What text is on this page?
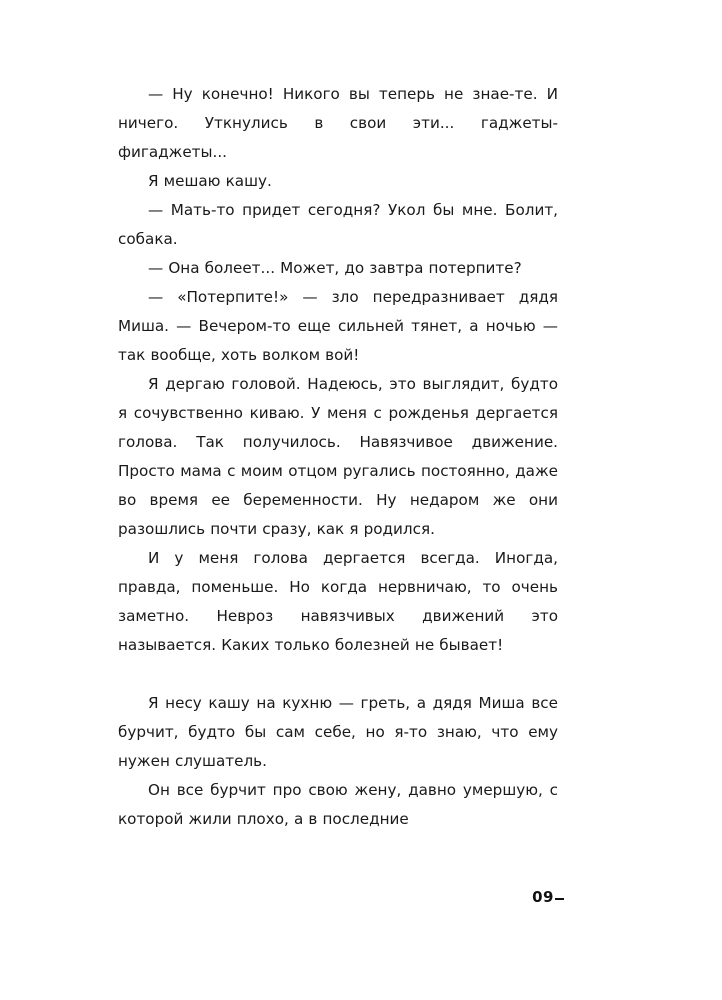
— Ну конечно! Никого вы теперь не знае-те. И ничего. Уткнулись в свои эти... гаджеты-фигаджеты...

Я мешаю кашу.

— Мать-то придет сегодня? Укол бы мне. Болит, собака.

— Она болеет... Может, до завтра потерпите?

— «Потерпите!» — зло передразнивает дядя Миша. — Вечером-то еще сильней тянет, а ночью — так вообще, хоть волком вой!

Я дергаю головой. Надеюсь, это выглядит, будто я сочувственно киваю. У меня с рожденья дергается голова. Так получилось. Навязчивое движение. Просто мама с моим отцом ругались постоянно, даже во время ее беременности. Ну недаром же они разошлись почти сразу, как я родился.

И у меня голова дергается всегда. Иногда, правда, поменьше. Но когда нервничаю, то очень заметно. Невроз навязчивых движений это называется. Каких только болезней не бывает!

Я несу кашу на кухню — греть, а дядя Миша все бурчит, будто бы сам себе, но я-то знаю, что ему нужен слушатель.

Он все бурчит про свою жену, давно умершую, с которой жили плохо, а в последние

09
